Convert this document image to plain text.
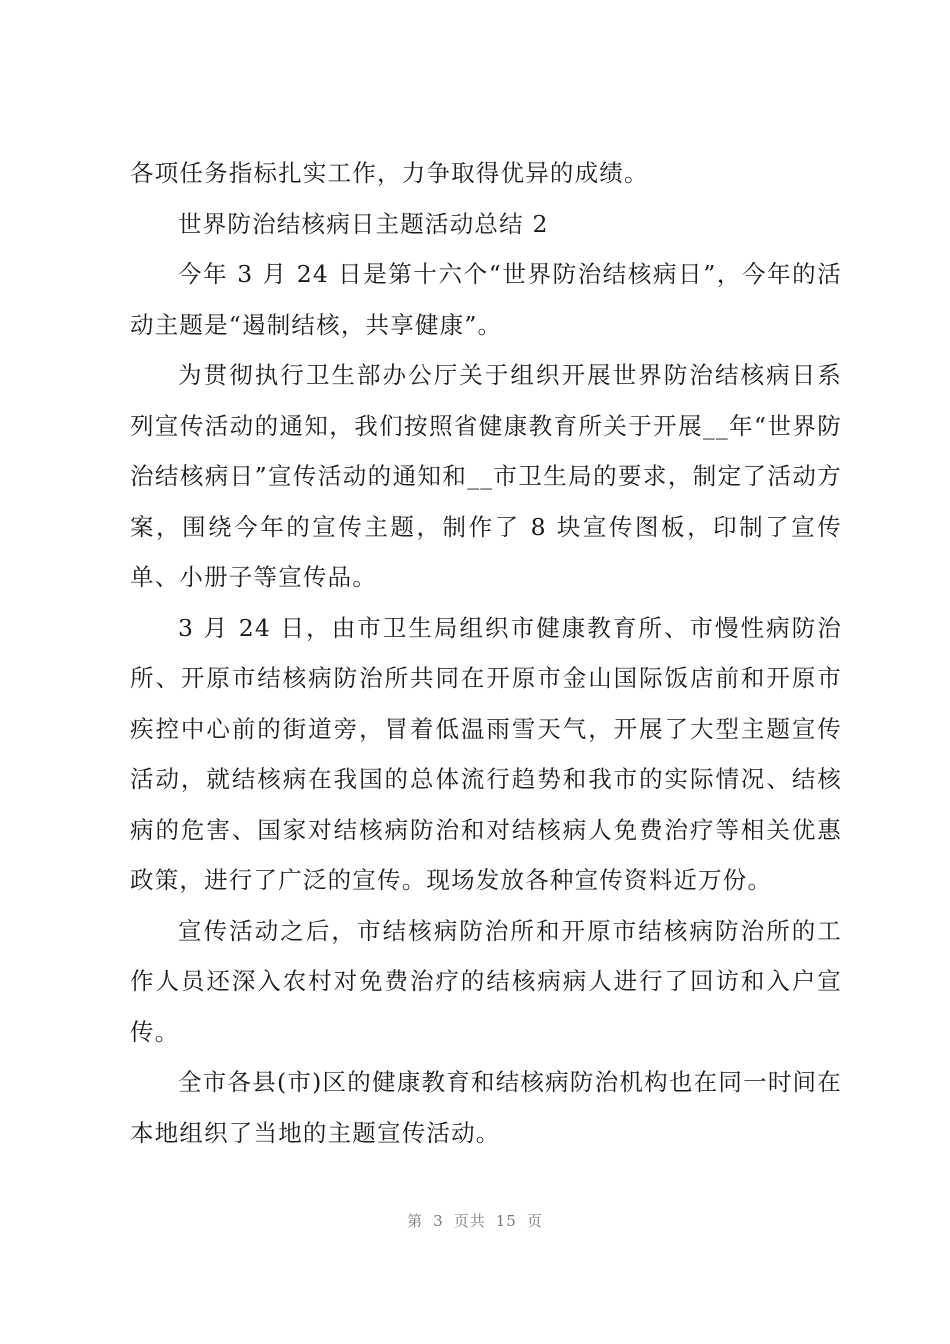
各项任务指标扎实工作，力争取得优异的成绩。

世界防治结核病日主题活动总结 2

今年 3 月 24 日是第十六个“世界防治结核病日”，今年的活动主题是“遏制结核，共享健康”。

为贯彻执行卫生部办公厅关于组织开展世界防治结核病日系列宣传活动的通知，我们按照省健康教育所关于开展__年“世界防治结核病日”宣传活动的通知和__市卫生局的要求，制定了活动方案，围绕今年的宣传主题，制作了 8 块宣传图板，印制了宣传单、小册子等宣传品。

3 月 24 日，由市卫生局组织市健康教育所、市慢性病防治所、开原市结核病防治所共同在开原市金山国际饭店前和开原市疾控中心前的街道旁，冒着低温雨雪天气，开展了大型主题宣传活动，就结核病在我国的总体流行趋势和我市的实际情况、结核病的危害、国家对结核病防治和对结核病人免费治疗等相关优惠政策，进行了广泛的宣传。现场发放各种宣传资料近万份。

宣传活动之后，市结核病防治所和开原市结核病防治所的工作人员还深入农村对免费治疗的结核病病人进行了回访和入户宣传。

全市各县(市)区的健康教育和结核病防治机构也在同一时间在本地组织了当地的主题宣传活动。

第 3 页共 15 页
